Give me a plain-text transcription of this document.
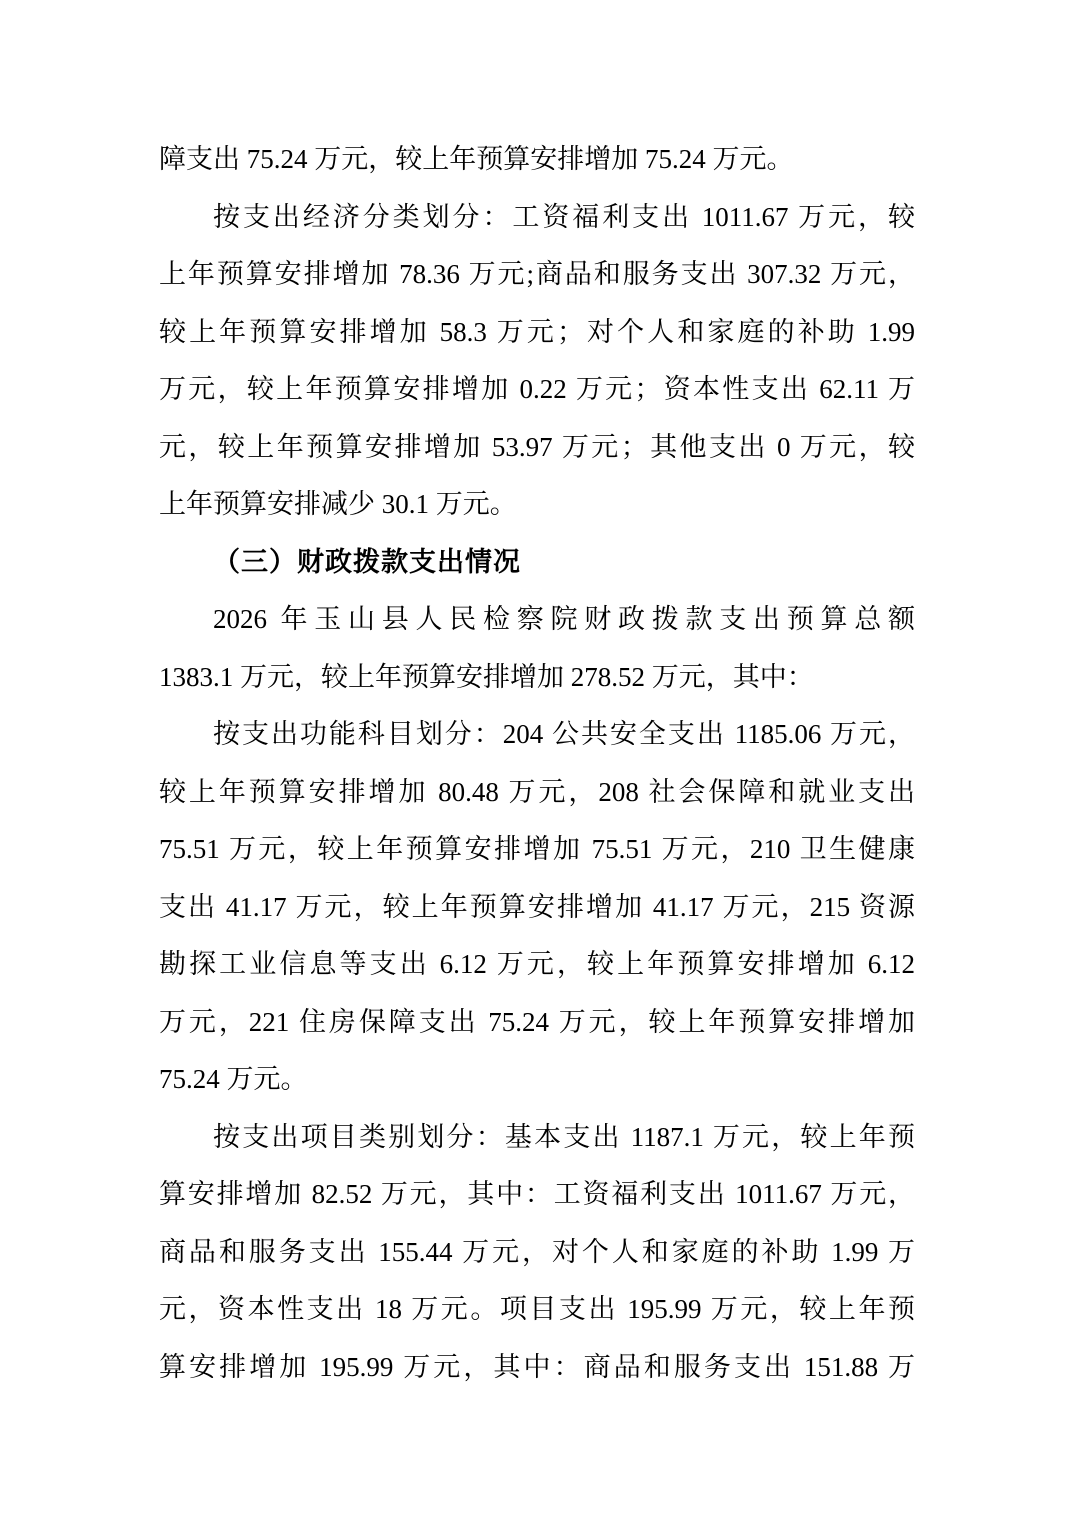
障支出 75.24 万元，较上年预算安排增加 75.24 万元。
按支出经济分类划分：工资福利支出 1011.67 万元，较
上年预算安排增加 78.36 万元;商品和服务支出 307.32 万元，
较上年预算安排增加 58.3 万元；对个人和家庭的补助 1.99
万元，较上年预算安排增加 0.22 万元；资本性支出 62.11 万
元，较上年预算安排增加 53.97 万元；其他支出 0 万元，较
上年预算安排减少 30.1 万元。
（三）财政拨款支出情况
2026 年玉山县人民检察院财政拨款支出预算总额
1383.1 万元，较上年预算安排增加 278.52 万元，其中：
按支出功能科目划分：204 公共安全支出 1185.06 万元，
较上年预算安排增加 80.48 万元，208 社会保障和就业支出
75.51 万元，较上年预算安排增加 75.51 万元，210 卫生健康
支出 41.17 万元，较上年预算安排增加 41.17 万元，215 资源
勘探工业信息等支出 6.12 万元，较上年预算安排增加 6.12
万元，221 住房保障支出 75.24 万元，较上年预算安排增加
75.24 万元。
按支出项目类别划分：基本支出 1187.1 万元，较上年预
算安排增加 82.52 万元，其中：工资福利支出 1011.67 万元，
商品和服务支出 155.44 万元，对个人和家庭的补助 1.99 万
元，资本性支出 18 万元。项目支出 195.99 万元，较上年预
算安排增加 195.99 万元，其中：商品和服务支出 151.88 万
